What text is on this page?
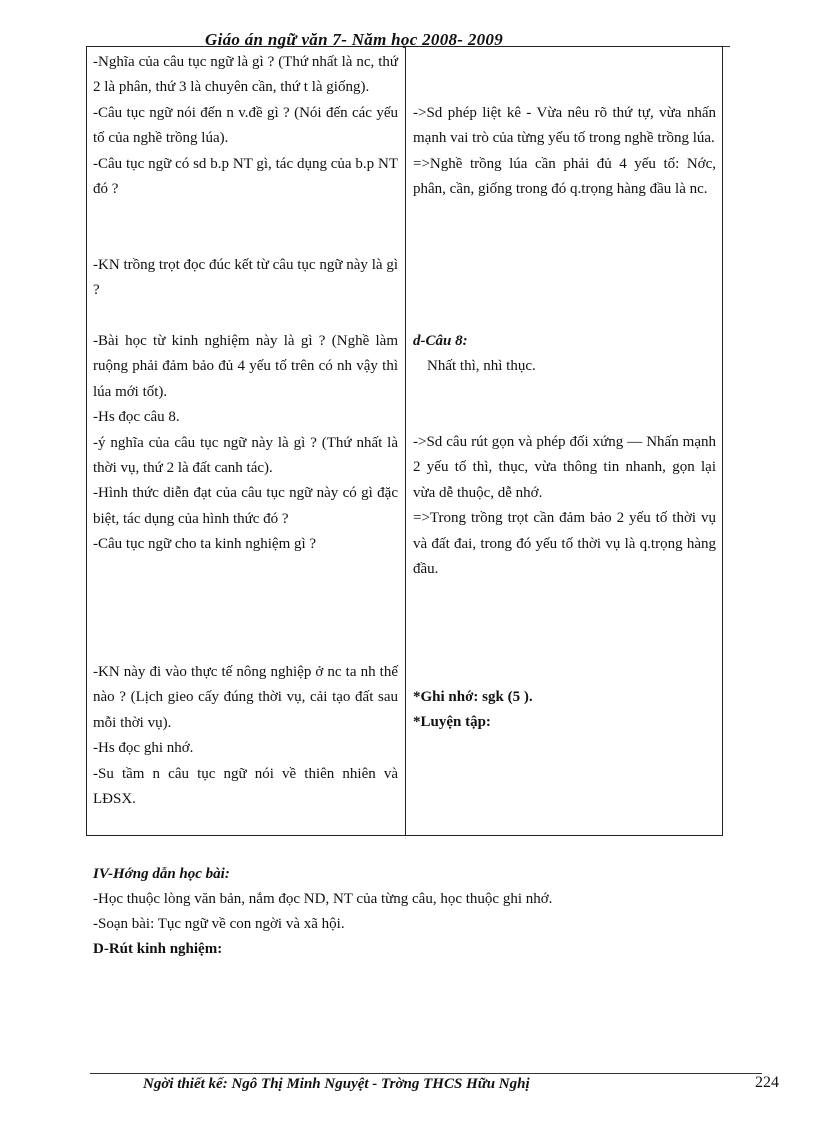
Giáo án ngữ văn 7- Năm học 2008- 2009

-Nghĩa của câu tục ngữ là gì ? (Thứ nhất là nc, thứ 2 là phân, thứ 3 là chuyên cần, thứ t là giống).

-Câu tục ngữ nói đến n v.đề gì ? (Nói đến các yếu tố của nghề trồng lúa).

-Câu tục ngữ có sd b.p NT gì, tác dụng của b.p NT đó ?

-KN trồng trọt đọc đúc kết từ câu tục ngữ này là gì ?

-Bài học từ kinh nghiệm này là gì ? (Nghề làm ruộng phải đảm bảo đủ 4 yếu tố trên có nh vậy thì lúa mới tốt).

-Hs đọc câu 8.

-ý nghĩa của câu tục ngữ này là gì ? (Thứ nhất là thời vụ, thứ 2 là đất canh tác).

-Hình thức diễn đạt của câu tục ngữ này có gì đặc biệt, tác dụng của hình thức đó ?

-Câu tục ngữ cho ta kinh nghiệm gì ?

-KN này đi vào thực tế nông nghiệp ở nc ta nh thế nào ? (Lịch gieo cấy đúng thời vụ, cải tạo đất sau mỗi thời vụ).

-Hs đọc ghi nhớ.

-Su tầm n câu tục ngữ nói về thiên nhiên và LĐSX.

->Sd phép liệt kê - Vừa nêu rõ thứ tự, vừa nhấn mạnh vai trò của từng yếu tố trong nghề trồng lúa.

=>Nghề trồng lúa cần phải đủ 4 yếu tố: Nớc, phân, cần, giống trong đó q.trọng hàng đầu là nc.

d-Câu 8:

Nhất thì, nhì thục.

->Sd câu rút gọn và phép đối xứng — Nhấn mạnh 2 yếu tố thì, thục, vừa thông tin nhanh, gọn lại vừa dễ thuộc, dễ nhớ.

=>Trong trồng trọt cần đảm bảo 2 yếu tố thời vụ và đất đai, trong đó yếu tố thời vụ là q.trọng hàng đầu.

*Ghi nhớ: sgk (5 ).

*Luyện tập:

IV-Hớng dẫn học bài:
-Học thuộc lòng văn bản, nắm đọc ND, NT của từng câu, học thuộc ghi nhớ.
-Soạn bài: Tục ngữ về con ngời và xã hội.
D-Rút kinh nghiệm:
Ngời thiết kế: Ngô Thị Minh Nguyệt - Trờng THCS Hữu Nghị	224
